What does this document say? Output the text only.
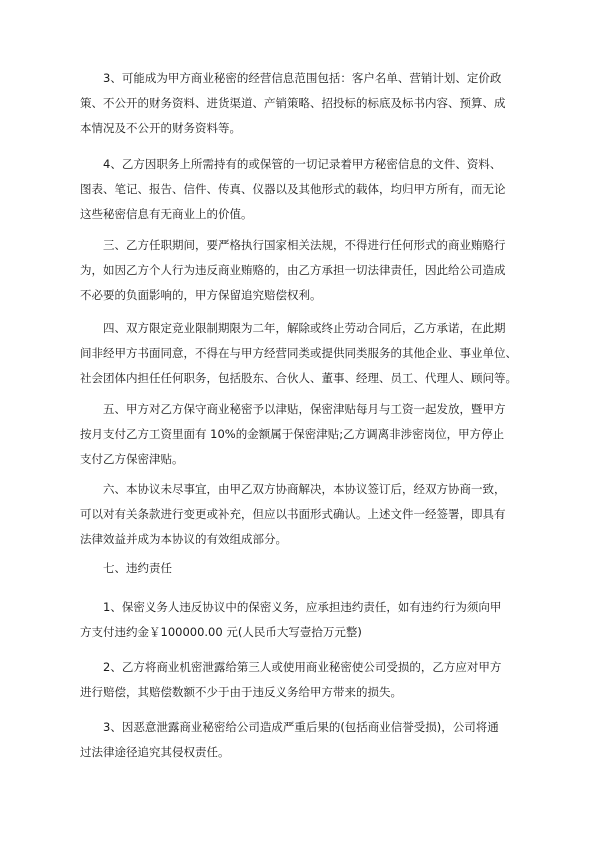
3、可能成为甲方商业秘密的经营信息范围包括：客户名单、营销计划、定价政
策、不公开的财务资料、进货渠道、产销策略、招投标的标底及标书内容、预算、成
本情况及不公开的财务资料等。
4、乙方因职务上所需持有的或保管的一切记录着甲方秘密信息的文件、资料、
图表、笔记、报告、信件、传真、仪器以及其他形式的载体，均归甲方所有，而无论
这些秘密信息有无商业上的价值。
三、乙方任职期间，要严格执行国家相关法规，不得进行任何形式的商业贿赂行
为，如因乙方个人行为违反商业贿赂的，由乙方承担一切法律责任，因此给公司造成
不必要的负面影响的，甲方保留追究赔偿权利。
四、双方限定竞业限制期限为二年，解除或终止劳动合同后，乙方承诺，在此期
间非经甲方书面同意，不得在与甲方经营同类或提供同类服务的其他企业、事业单位、
社会团体内担任任何职务，包括股东、合伙人、董事、经理、员工、代理人、顾问等。
五、甲方对乙方保守商业秘密予以津贴，保密津贴每月与工资一起发放，暨甲方
按月支付乙方工资里面有 10%的金额属于保密津贴;乙方调离非涉密岗位，甲方停止
支付乙方保密津贴。
六、本协议未尽事宜，由甲乙双方协商解决，本协议签订后，经双方协商一致，
可以对有关条款进行变更或补充，但应以书面形式确认。上述文件一经签署，即具有
法律效益并成为本协议的有效组成部分。
七、违约责任
1、保密义务人违反协议中的保密义务，应承担违约责任，如有违约行为须向甲
方支付违约金￥100000.00 元(人民币大写壹拾万元整)
2、乙方将商业机密泄露给第三人或使用商业秘密使公司受损的，乙方应对甲方
进行赔偿，其赔偿数额不少于由于违反义务给甲方带来的损失。
3、因恶意泄露商业秘密给公司造成严重后果的(包括商业信誉受损)，公司将通
过法律途径追究其侵权责任。
